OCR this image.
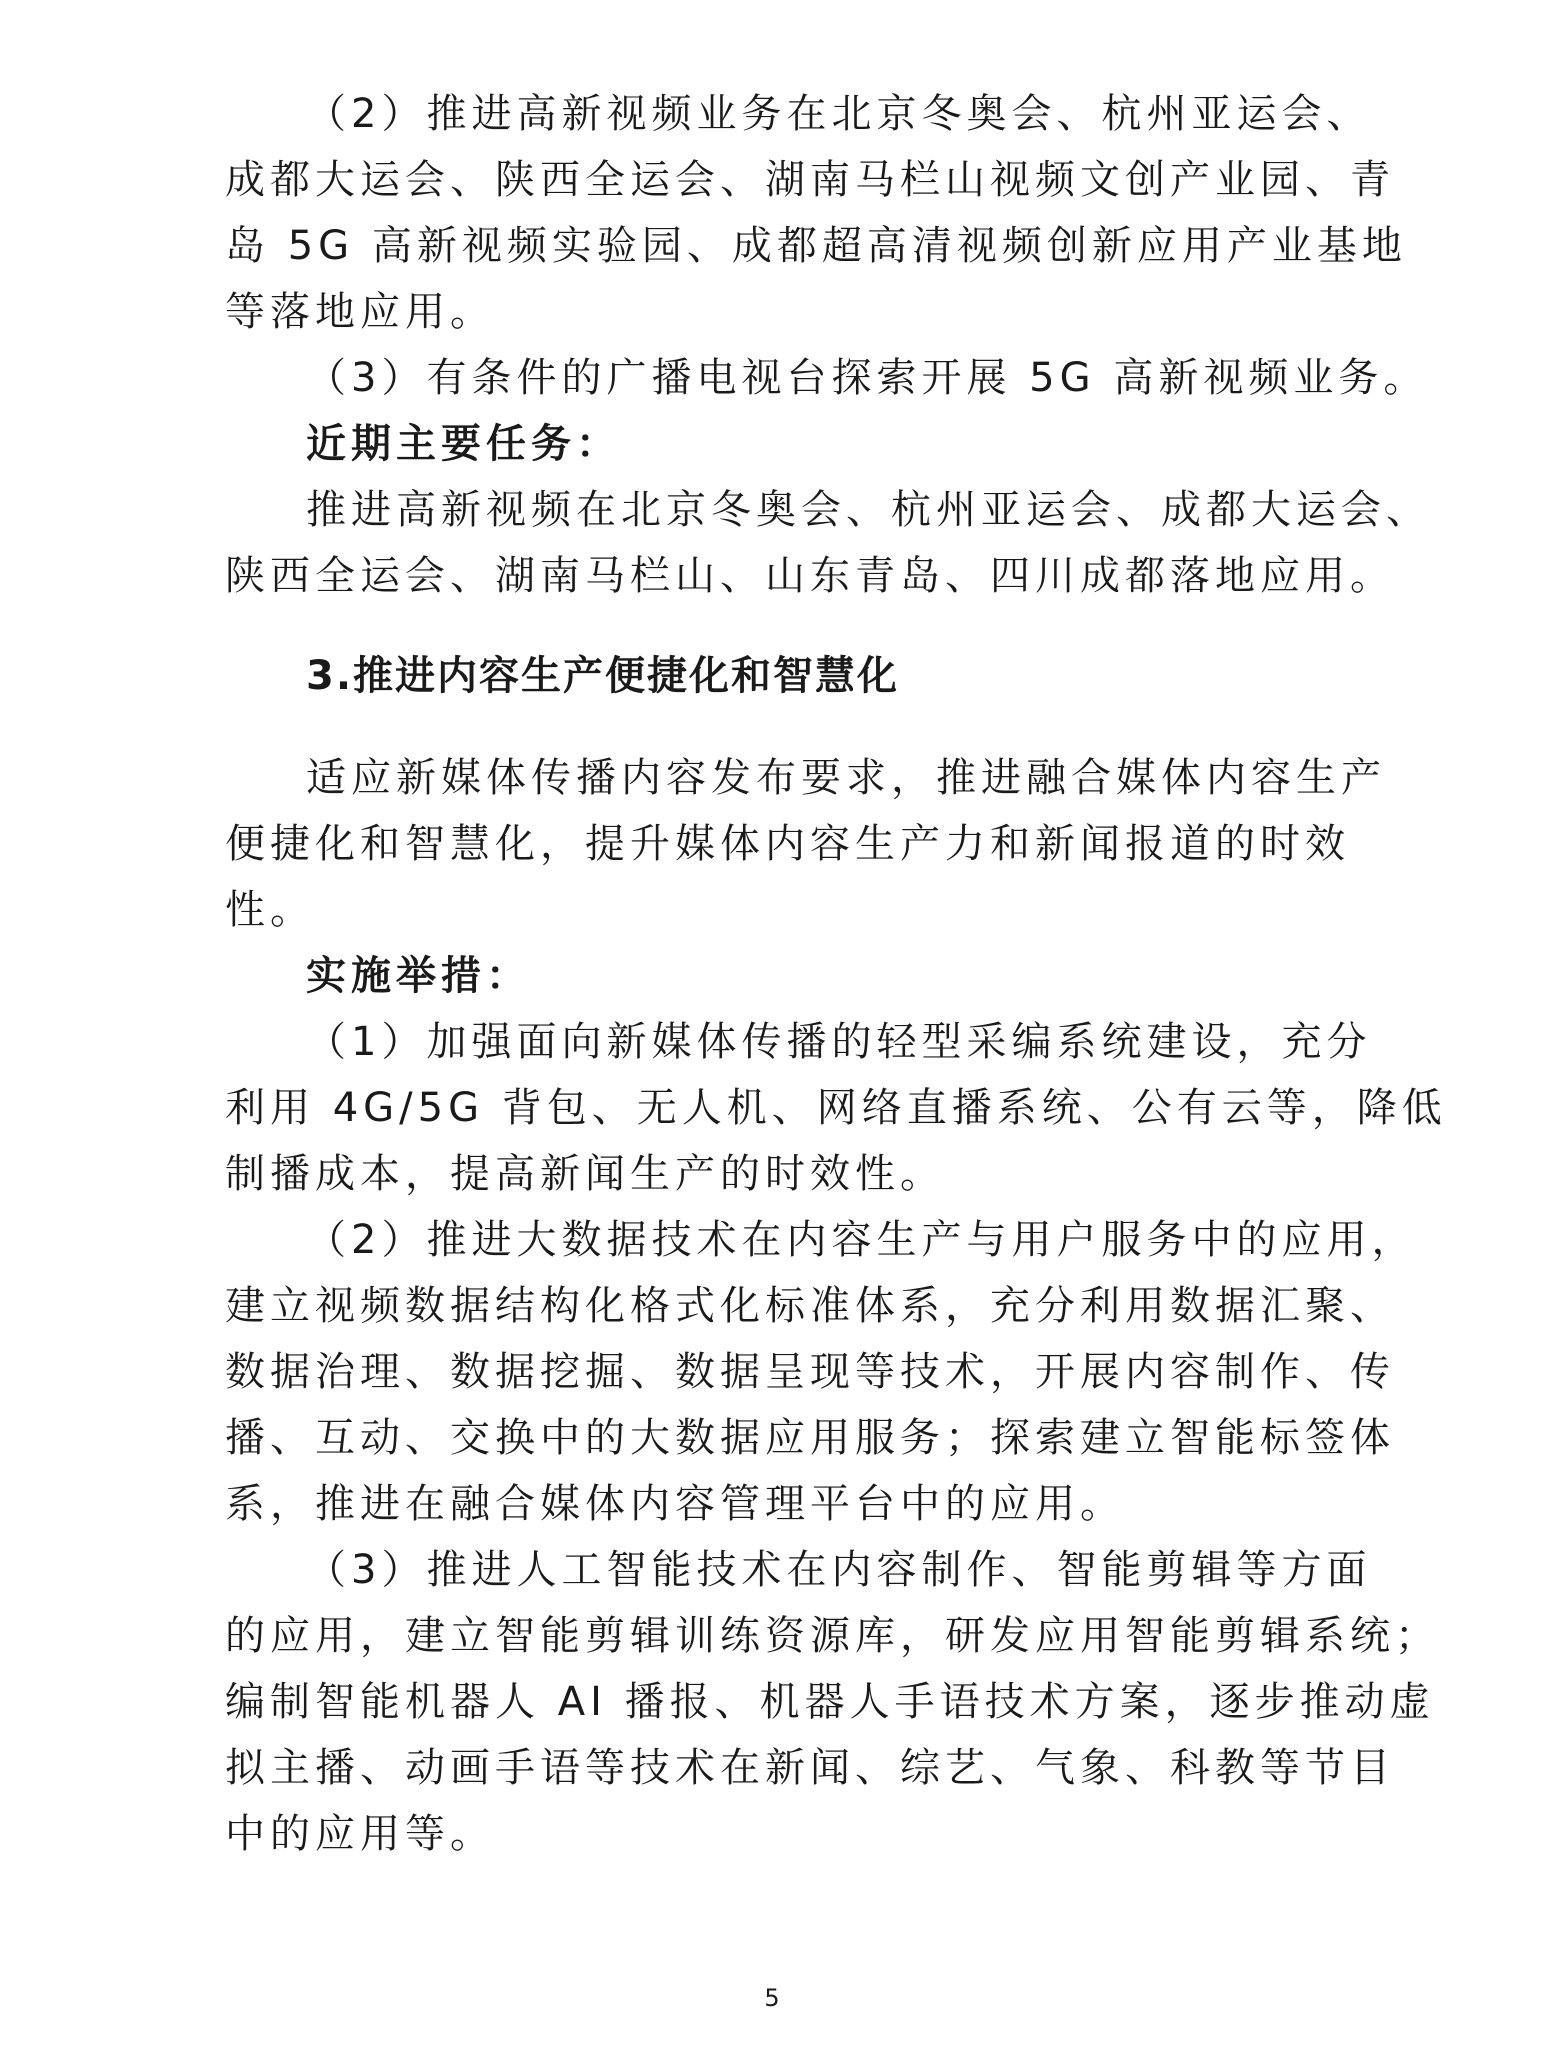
（2）推进高新视频业务在北京冬奥会、杭州亚运会、
成都大运会、陕西全运会、湖南马栏山视频文创产业园、青
岛 5G 高新视频实验园、成都超高清视频创新应用产业基地
等落地应用。
（3）有条件的广播电视台探索开展 5G 高新视频业务。
近期主要任务：
推进高新视频在北京冬奥会、杭州亚运会、成都大运会、
陕西全运会、湖南马栏山、山东青岛、四川成都落地应用。
3.推进内容生产便捷化和智慧化
适应新媒体传播内容发布要求，推进融合媒体内容生产
便捷化和智慧化，提升媒体内容生产力和新闻报道的时效
性。
实施举措：
（1）加强面向新媒体传播的轻型采编系统建设，充分
利用 4G/5G 背包、无人机、网络直播系统、公有云等，降低
制播成本，提高新闻生产的时效性。
（2）推进大数据技术在内容生产与用户服务中的应用，
建立视频数据结构化格式化标准体系，充分利用数据汇聚、
数据治理、数据挖掘、数据呈现等技术，开展内容制作、传
播、互动、交换中的大数据应用服务；探索建立智能标签体
系，推进在融合媒体内容管理平台中的应用。
（3）推进人工智能技术在内容制作、智能剪辑等方面
的应用，建立智能剪辑训练资源库，研发应用智能剪辑系统；
编制智能机器人 AI 播报、机器人手语技术方案，逐步推动虚
拟主播、动画手语等技术在新闻、综艺、气象、科教等节目
中的应用等。
5
